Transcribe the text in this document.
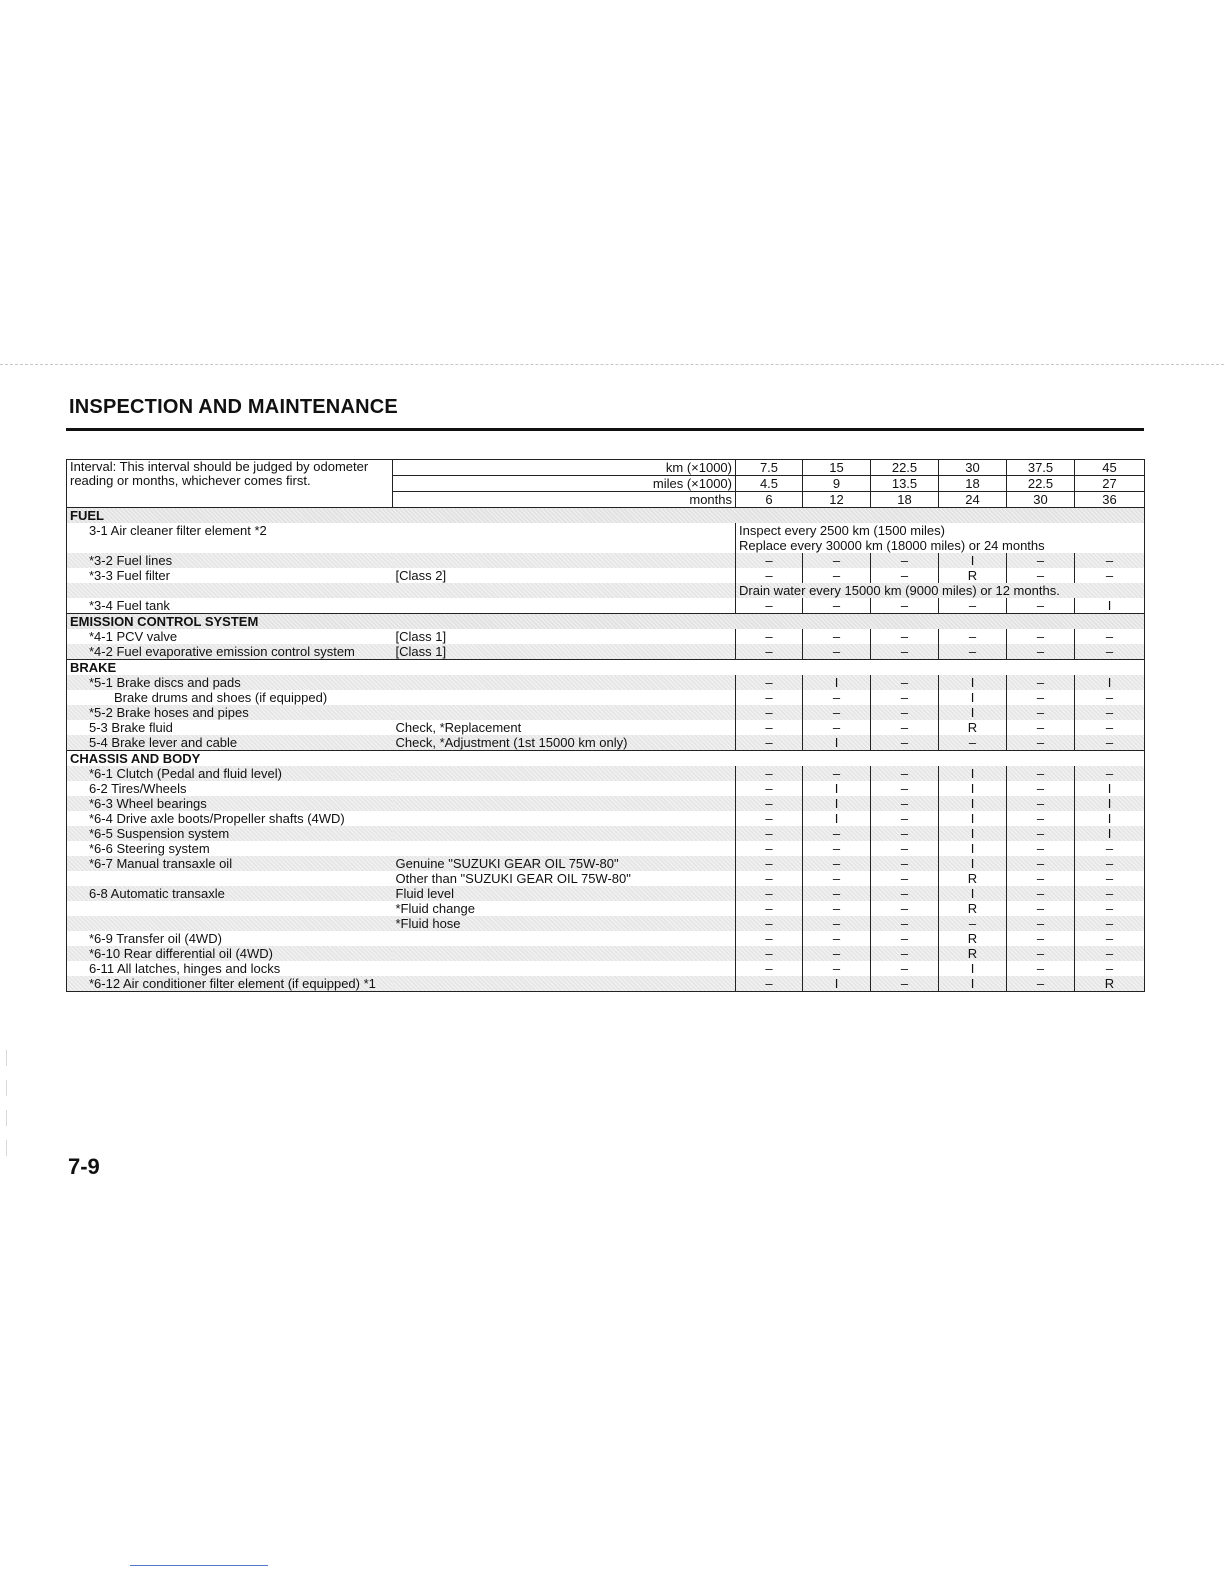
INSPECTION AND MAINTENANCE
Interval: This interval should be judged by odometer reading or months, whichever comes first.	km (×1000)	7.5	15	22.5	30	37.5	45
	miles (×1000)	4.5	9	13.5	18	22.5	27
	months	6	12	18	24	30	36
FUEL							
3-1 Air cleaner filter element *2		Inspect every 2500 km (1500 miles)
Replace every 30000 km (18000 miles) or 24 months					

*3-2 Fuel lines		–	–	–	I	–	–
*3-3 Fuel filter	[Class 2]	–	–	–	R	–	–
		Drain water every 15000 km (9000 miles) or 12 months.					
*3-4 Fuel tank		–	–	–	–	–	I
EMISSION CONTROL SYSTEM							
*4-1 PCV valve	[Class 1]	–	–	–	–	–	–
*4-2 Fuel evaporative emission control system	[Class 1]	–	–	–	–	–	–
BRAKE							
*5-1 Brake discs and pads		–	I	–	I	–	I
Brake drums and shoes (if equipped)		–	–	–	I	–	–
*5-2 Brake hoses and pipes		–	–	–	I	–	–
5-3 Brake fluid	Check, *Replacement	–	–	–	R	–	–
5-4 Brake lever and cable	Check, *Adjustment (1st 15000 km only)	–	I	–	–	–	–
CHASSIS AND BODY							
*6-1 Clutch (Pedal and fluid level)		–	–	–	I	–	–
6-2 Tires/Wheels		–	I	–	I	–	I
*6-3 Wheel bearings		–	I	–	I	–	I
*6-4 Drive axle boots/Propeller shafts (4WD)		–	I	–	I	–	I
*6-5 Suspension system		–	–	–	I	–	I
*6-6 Steering system		–	–	–	I	–	–
*6-7 Manual transaxle oil	Genuine "SUZUKI GEAR OIL 75W-80"	–	–	–	I	–	–
	Other than "SUZUKI GEAR OIL 75W-80"	–	–	–	R	–	–
6-8 Automatic transaxle	Fluid level	–	–	–	I	–	–
	*Fluid change	–	–	–	R	–	–
	*Fluid hose	–	–	–	–	–	–
*6-9 Transfer oil (4WD)		–	–	–	R	–	–
*6-10 Rear differential oil (4WD)		–	–	–	R	–	–
6-11 All latches, hinges and locks		–	–	–	I	–	–
*6-12 Air conditioner filter element (if equipped) *1		–	I	–	I	–	R
7-9
